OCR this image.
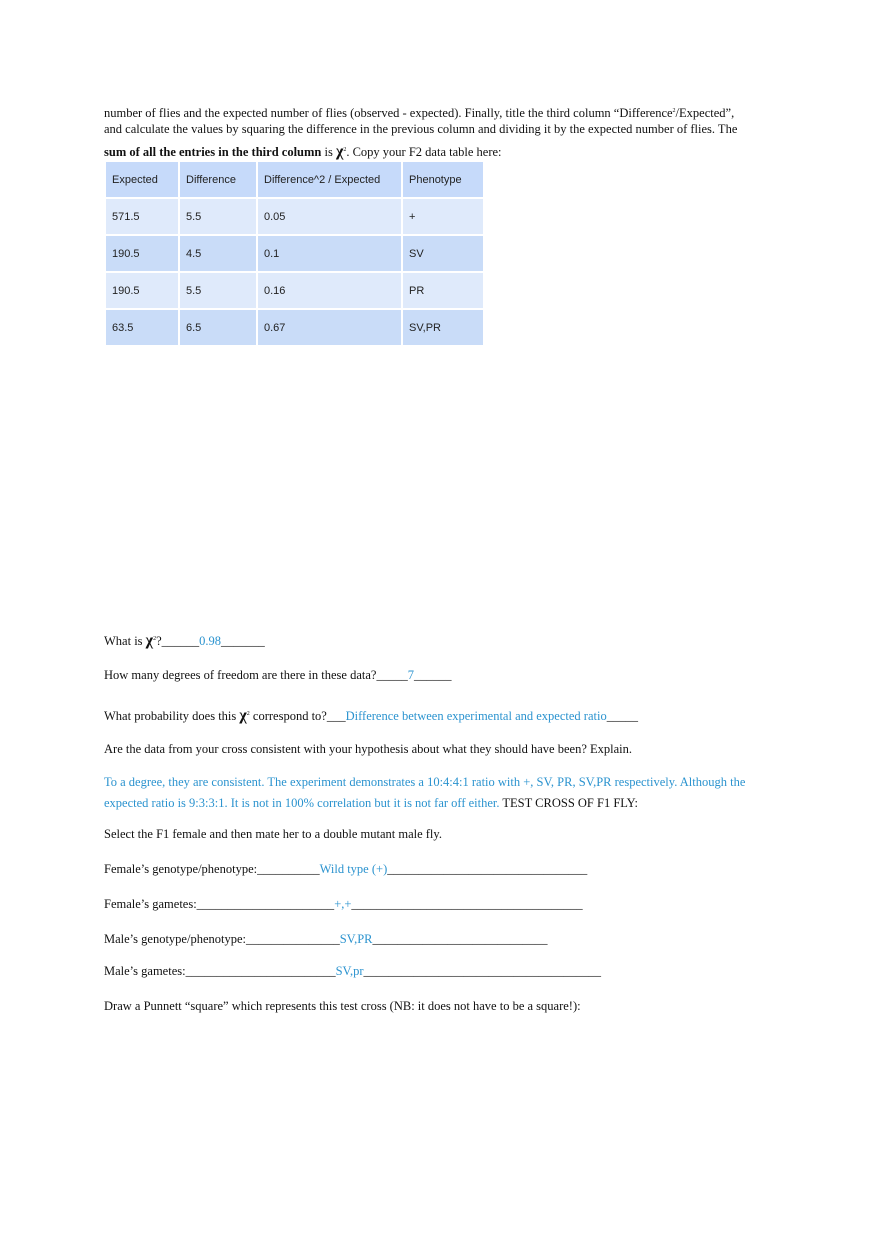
number of flies and the expected number of flies (observed - expected). Finally, title the third column “Difference$^2$/Expected”,
and calculate the values by squaring the difference in the previous column and dividing it by the expected number of flies. The
sum of all the entries in the third column is $\chi^2$. Copy your F2 data table here:
Expected	Difference	Difference^2 / Expected	Phenotype
571.5	5.5	0.05	+
190.5	4.5	0.1	SV
190.5	5.5	0.16	PR
63.5	6.5	0.67	SV,PR
What is $\chi^2?\_\_\_\_\_\_0.98\_\_\_\_\_\_\_$
How many degrees of freedom are there in these data?_____7______
What probability does this $\chi^2$ correspond to?___Difference between experimental and expected ratio_____
Are the data from your cross consistent with your hypothesis about what they should have been? Explain.
To a degree, they are consistent. The experiment demonstrates a 10:4:4:1 ratio with +, SV, PR, SV,PR respectively. Although the expected ratio is 9:3:3:1. It is not in 100% correlation but it is not far off either. TEST CROSS OF F1 FLY:
Select the F1 female and then mate her to a double mutant male fly.
Female’s genotype/phenotype:__________Wild type (+)________________________________
Female’s gametes:______________________+,+_____________________________________
Male’s genotype/phenotype:_______________SV,PR____________________________
Male’s gametes:________________________SV,pr______________________________________
Draw a Punnett “square” which represents this test cross (NB: it does not have to be a square!):
